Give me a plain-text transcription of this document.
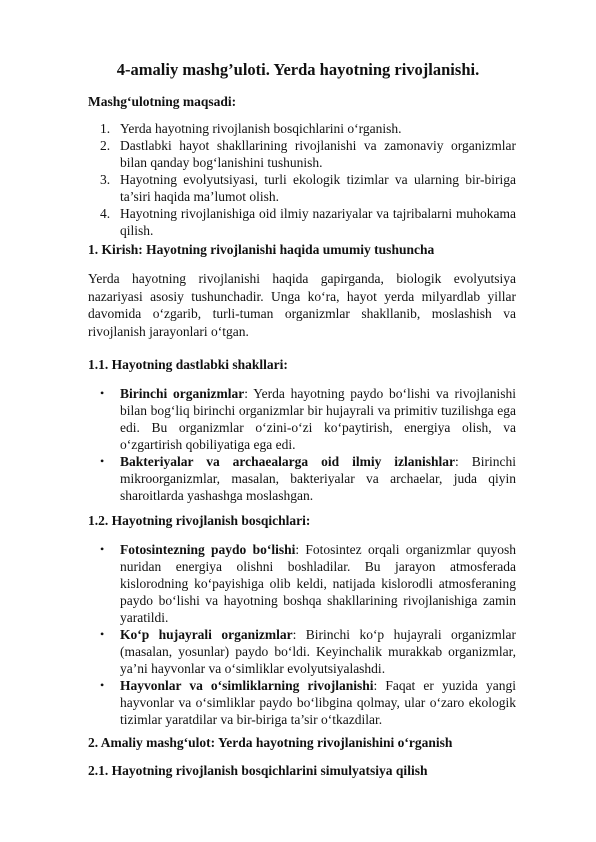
4-amaliy mashg’uloti. Yerda hayotning rivojlanishi.
Mashg‘ulotning maqsadi:
1. Yerda hayotning rivojlanish bosqichlarini o‘rganish.
2. Dastlabki hayot shakllarining rivojlanishi va zamonaviy organizmlar bilan qanday bog‘lanishini tushunish.
3. Hayotning evolyutsiyasi, turli ekologik tizimlar va ularning bir-biriga ta’siri haqida ma’lumot olish.
4. Hayotning rivojlanishiga oid ilmiy nazariyalar va tajribalarni muhokama qilish.
1. Kirish: Hayotning rivojlanishi haqida umumiy tushuncha

Yerda hayotning rivojlanishi haqida gapirganda, biologik evolyutsiya nazariyasi asosiy tushunchadir. Unga ko‘ra, hayot yerda milyardlab yillar davomida o‘zgarib, turli-tuman organizmlar shakllanib, moslashish va rivojlanish jarayonlari o‘tgan.

1.1. Hayotning dastlabki shakllari:
• Birinchi organizmlar: Yerda hayotning paydo bo‘lishi va rivojlanishi bilan bog‘liq birinchi organizmlar bir hujayrali va primitiv tuzilishga ega edi. Bu organizmlar o‘zini-o‘zi ko‘paytirish, energiya olish, va o‘zgartirish qobiliyatiga ega edi.
• Bakteriyalar va archaealarga oid ilmiy izlanishlar: Birinchi mikroorganizmlar, masalan, bakteriyalar va archaelar, juda qiyin sharoitlarda yashashga moslashgan.
1.2. Hayotning rivojlanish bosqichlari:
• Fotosintezning paydo bo‘lishi: Fotosintez orqali organizmlar quyosh nuridan energiya olishni boshladilar. Bu jarayon atmosferada kislorodning ko‘payishiga olib keldi, natijada kislorodli atmosferaning paydo bo‘lishi va hayotning boshqa shakllarining rivojlanishiga zamin yaratildi.
• Ko‘p hujayrali organizmlar: Birinchi ko‘p hujayrali organizmlar (masalan, yosunlar) paydo bo‘ldi. Keyinchalik murakkab organizmlar, ya’ni hayvonlar va o‘simliklar evolyutsiyalashdi.
• Hayvonlar va o‘simliklarning rivojlanishi: Faqat er yuzida yangi hayvonlar va o‘simliklar paydo bo‘libgina qolmay, ular o‘zaro ekologik tizimlar yaratdilar va bir-biriga ta’sir o‘tkazdilar.
2. Amaliy mashg‘ulot: Yerda hayotning rivojlanishini o‘rganish
2.1. Hayotning rivojlanish bosqichlarini simulyatsiya qilish
